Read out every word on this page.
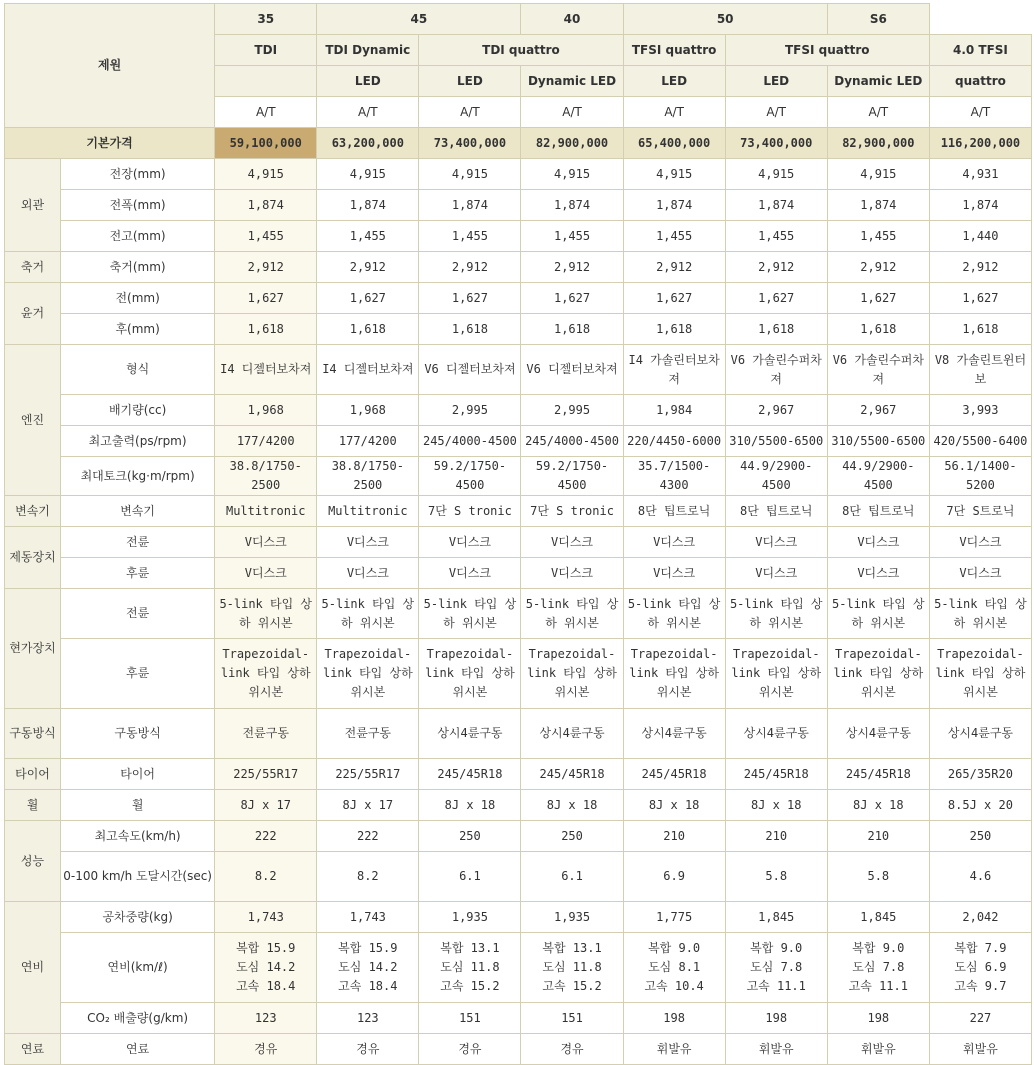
제원		35	45		40	50		S6	
		TDI	TDI Dynamic	TDI quattro		TFSI quattro	TFSI quattro		4.0 TFSI
			LED	LED	Dynamic LED	LED	LED	Dynamic LED	quattro
		A/T	A/T	A/T	A/T	A/T	A/T	A/T	A/T
기본가격		59,100,000	63,200,000	73,400,000	82,900,000	65,400,000	73,400,000	82,900,000	116,200,000
외관	전장(mm)	4,915	4,915	4,915	4,915	4,915	4,915	4,915	4,931
	전폭(mm)	1,874	1,874	1,874	1,874	1,874	1,874	1,874	1,874
	전고(mm)	1,455	1,455	1,455	1,455	1,455	1,455	1,455	1,440
축거	축거(mm)	2,912	2,912	2,912	2,912	2,912	2,912	2,912	2,912
윤거	전(mm)	1,627	1,627	1,627	1,627	1,627	1,627	1,627	1,627
	후(mm)	1,618	1,618	1,618	1,618	1,618	1,618	1,618	1,618
엔진	형식	I4 디젤터보차져	I4 디젤터보차져	V6 디젤터보차져	V6 디젤터보차져	I4 가솔린터보차져	V6 가솔린수퍼차져	V6 가솔린수퍼차져	V8 가솔린트윈터보
	배기량(cc)	1,968	1,968	2,995	2,995	1,984	2,967	2,967	3,993
	최고출력(ps/rpm)	177/4200	177/4200	245/4000-4500	245/4000-4500	220/4450-6000	310/5500-6500	310/5500-6500	420/5500-6400
	최대토크(kg·m/rpm)	38.8/1750-2500	38.8/1750-2500	59.2/1750-4500	59.2/1750-4500	35.7/1500-4300	44.9/2900-4500	44.9/2900-4500	56.1/1400-5200
변속기	변속기	Multitronic	Multitronic	7단 S tronic	7단 S tronic	8단 팁트로닉	8단 팁트로닉	8단 팁트로닉	7단 S트로닉
제동장치	전륜	V디스크	V디스크	V디스크	V디스크	V디스크	V디스크	V디스크	V디스크
	후륜	V디스크	V디스크	V디스크	V디스크	V디스크	V디스크	V디스크	V디스크
현가장치	전륜	5-link 타입 상하 위시본	5-link 타입 상하 위시본	5-link 타입 상하 위시본	5-link 타입 상하 위시본	5-link 타입 상하 위시본	5-link 타입 상하 위시본	5-link 타입 상하 위시본	5-link 타입 상하 위시본
	후륜	Trapezoidal-link 타입 상하 위시본	Trapezoidal-link 타입 상하 위시본	Trapezoidal-link 타입 상하 위시본	Trapezoidal-link 타입 상하 위시본	Trapezoidal-link 타입 상하 위시본	Trapezoidal-link 타입 상하 위시본	Trapezoidal-link 타입 상하 위시본	Trapezoidal-link 타입 상하 위시본
구동방식	구동방식	전륜구동	전륜구동	상시4륜구동	상시4륜구동	상시4륜구동	상시4륜구동	상시4륜구동	상시4륜구동
타이어	타이어	225/55R17	225/55R17	245/45R18	245/45R18	245/45R18	245/45R18	245/45R18	265/35R20
휠	휠	8J x 17	8J x 17	8J x 18	8J x 18	8J x 18	8J x 18	8J x 18	8.5J x 20
성능	최고속도(km/h)	222	222	250	250	210	210	210	250
	0-100 km/h 도달시간(sec)	8.2	8.2	6.1	6.1	6.9	5.8	5.8	4.6
연비	공차중량(kg)	1,743	1,743	1,935	1,935	1,775	1,845	1,845	2,042
	연비(km/ℓ)	복합 15.9
도심 14.2
고속 18.4	복합 15.9
도심 14.2
고속 18.4	복합 13.1
도심 11.8
고속 15.2	복합 13.1
도심 11.8
고속 15.2	복합 9.0
도심 8.1
고속 10.4	복합 9.0
도심 7.8
고속 11.1	복합 9.0
도심 7.8
고속 11.1	복합 7.9
도심 6.9
고속 9.7
	CO₂ 배출량(g/km)	123	123	151	151	198	198	198	227
연료	연료	경유	경유	경유	경유	휘발유	휘발유	휘발유	휘발유
